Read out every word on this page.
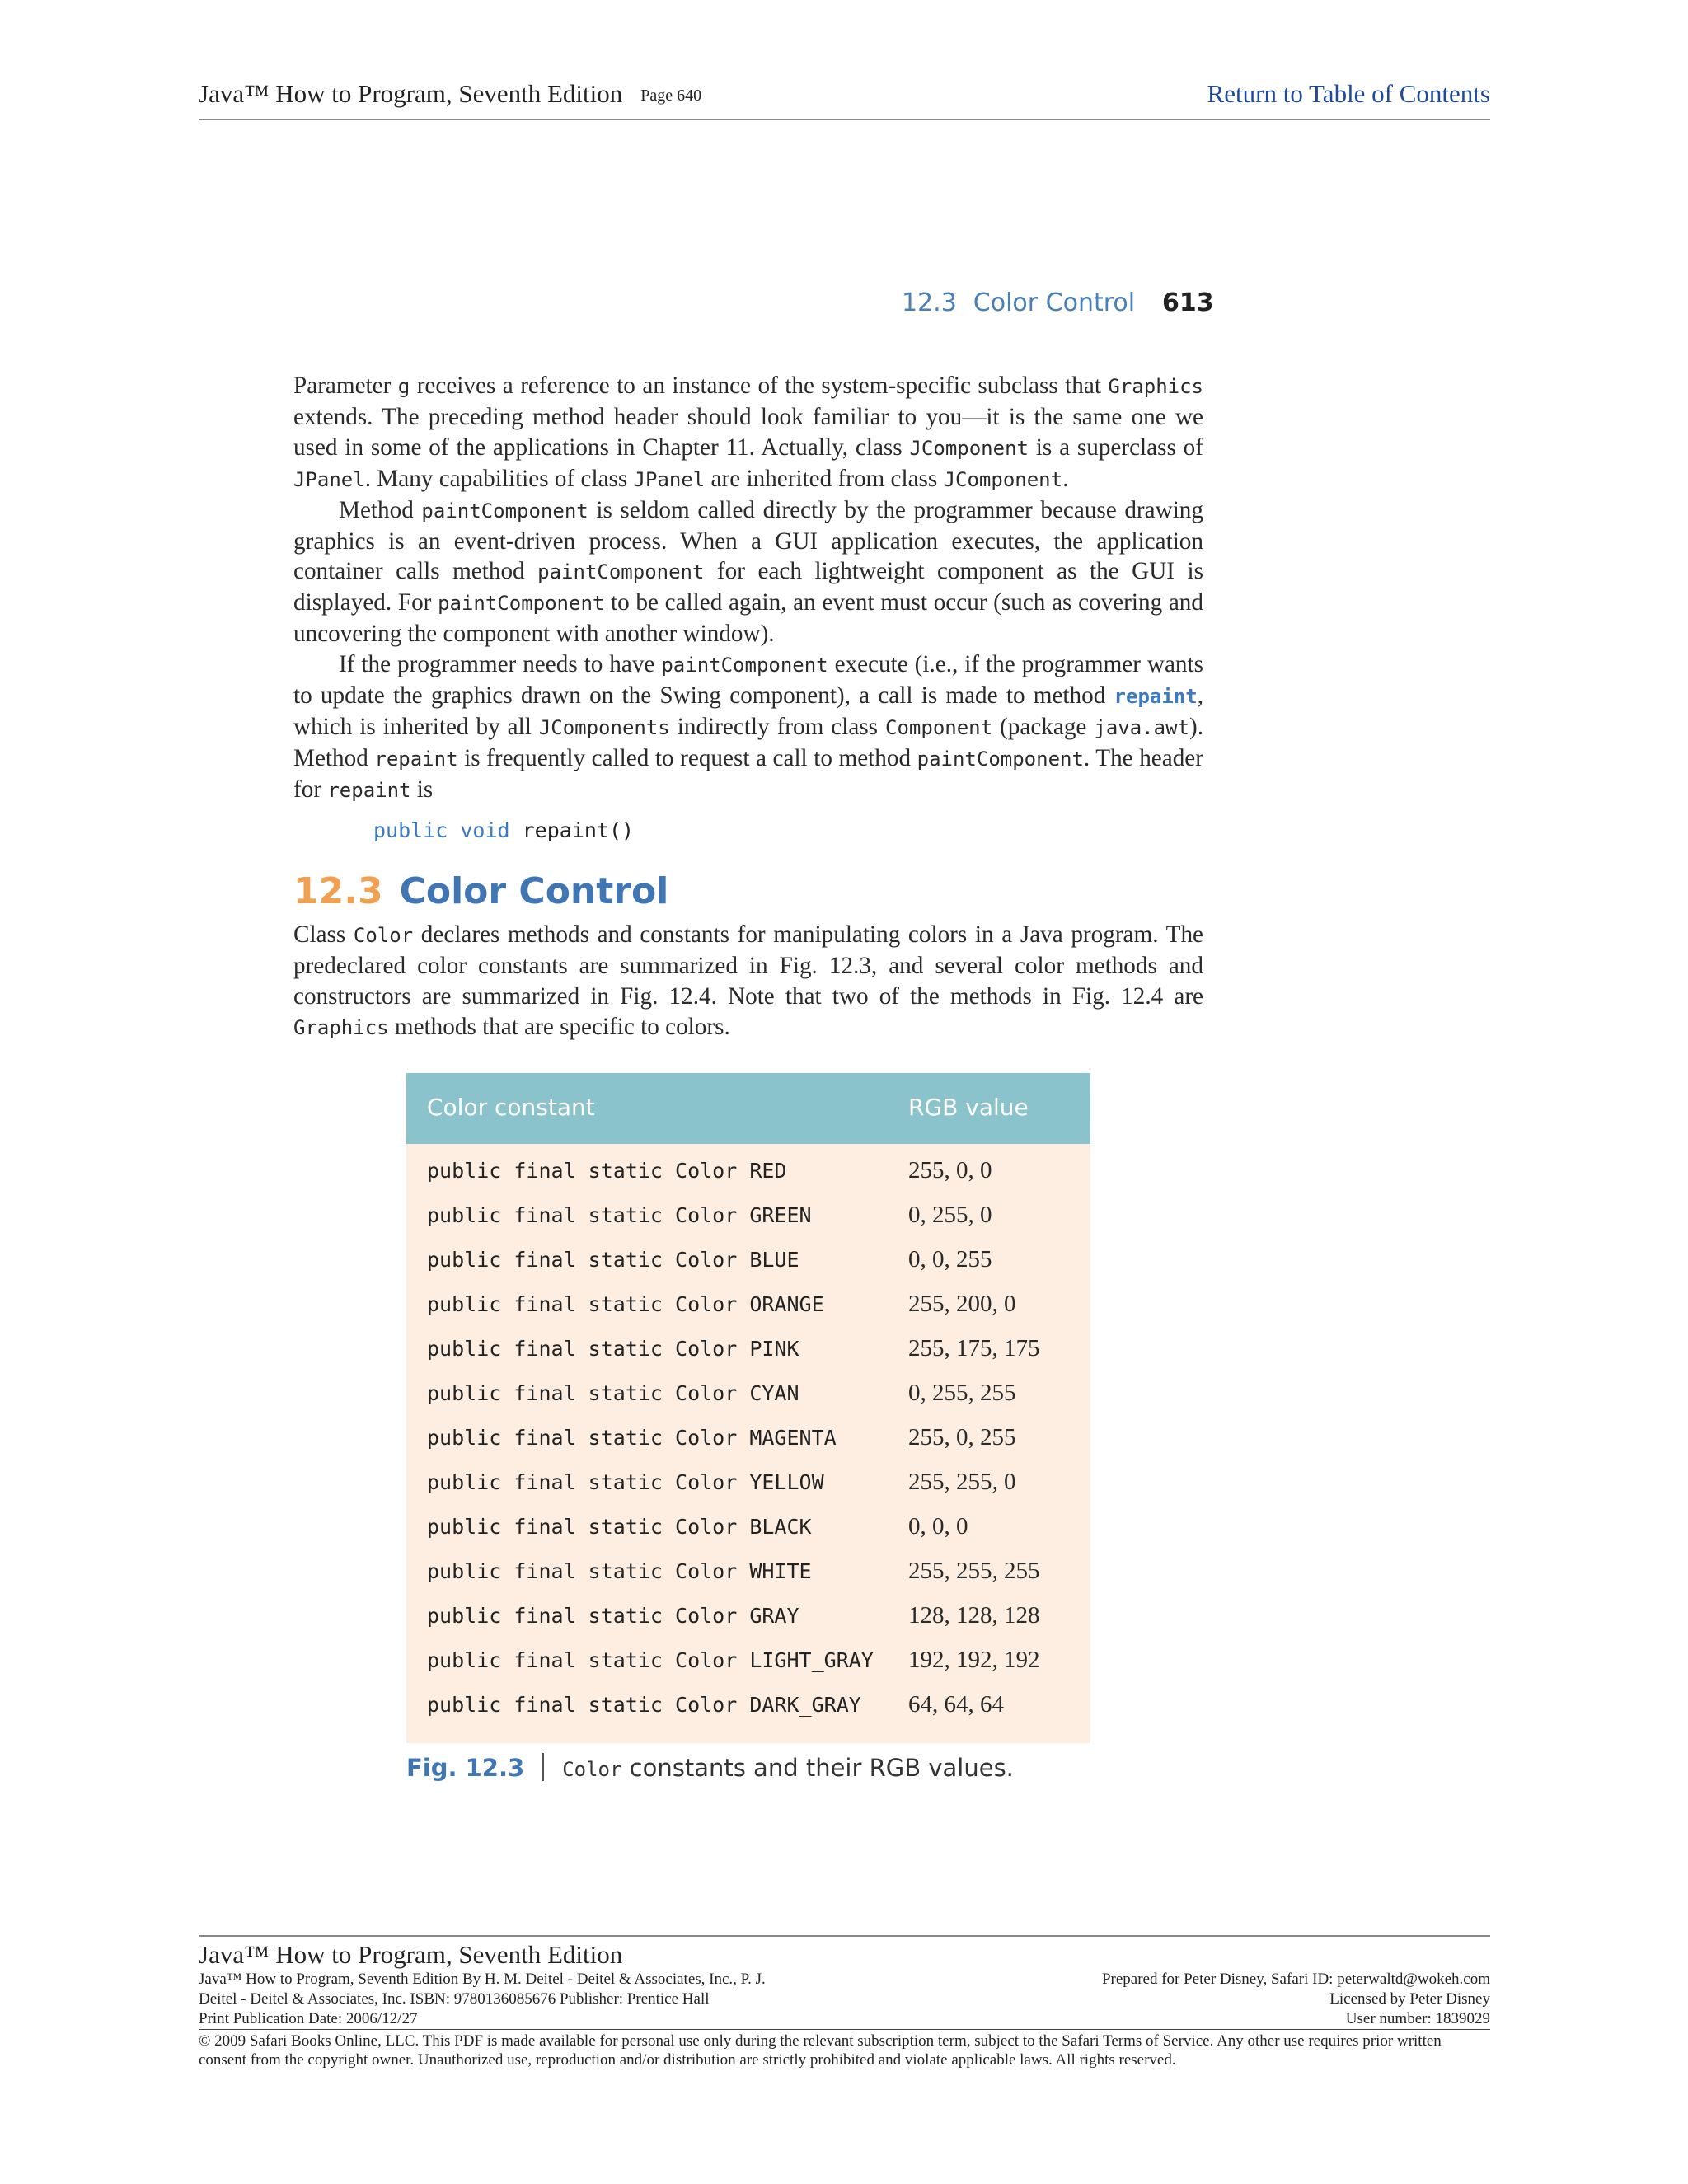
Java™ How to Program, Seventh Edition Page 640	Return to Table of Contents
12.3 Color Control 613

Parameter g receives a reference to an instance of the system-specific subclass that Graphics extends. The preceding method header should look familiar to you—it is the same one we used in some of the applications in Chapter 11. Actually, class JComponent is a superclass of JPanel. Many capabilities of class JPanel are inherited from class JComponent.

Method paintComponent is seldom called directly by the programmer because drawing graphics is an event-driven process. When a GUI application executes, the application container calls method paintComponent for each lightweight component as the GUI is displayed. For paintComponent to be called again, an event must occur (such as covering and uncovering the component with another window).

If the programmer needs to have paintComponent execute (i.e., if the programmer wants to update the graphics drawn on the Swing component), a call is made to method repaint, which is inherited by all JComponents indirectly from class Component (package java.awt). Method repaint is frequently called to request a call to method paintComponent. The header for repaint is

public void repaint()
12.3 Color Control

Class Color declares methods and constants for manipulating colors in a Java program. The predeclared color constants are summarized in Fig. 12.3, and several color methods and constructors are summarized in Fig. 12.4. Note that two of the methods in Fig. 12.4 are Graphics methods that are specific to colors.

Color constant	RGB value
public final static Color RED	255, 0, 0
public final static Color GREEN	0, 255, 0
public final static Color BLUE	0, 0, 255
public final static Color ORANGE	255, 200, 0
public final static Color PINK	255, 175, 175
public final static Color CYAN	0, 255, 255
public final static Color MAGENTA	255, 0, 255
public final static Color YELLOW	255, 255, 0
public final static Color BLACK	0, 0, 0
public final static Color WHITE	255, 255, 255
public final static Color GRAY	128, 128, 128
public final static Color LIGHT_GRAY 192, 192, 192
public final static Color DARK_GRAY 64, 64, 64
Fig. 12.3 Color constants and their RGB values.
Java™ How to Program, Seventh Edition
Java™ How to Program, Seventh Edition By H. M. Deitel - Deitel & Associates, Inc., P. J.
Deitel - Deitel & Associates, Inc. ISBN: 9780136085676 Publisher: Prentice Hall
Print Publication Date: 2006/12/27
Prepared for Peter Disney, Safari ID: peterwaltd@wokeh.com
Licensed by Peter Disney
User number: 1839029
© 2009 Safari Books Online, LLC. This PDF is made available for personal use only during the relevant subscription term, subject to the Safari Terms of Service. Any other use requires prior written consent from the copyright owner. Unauthorized use, reproduction and/or distribution are strictly prohibited and violate applicable laws. All rights reserved.
